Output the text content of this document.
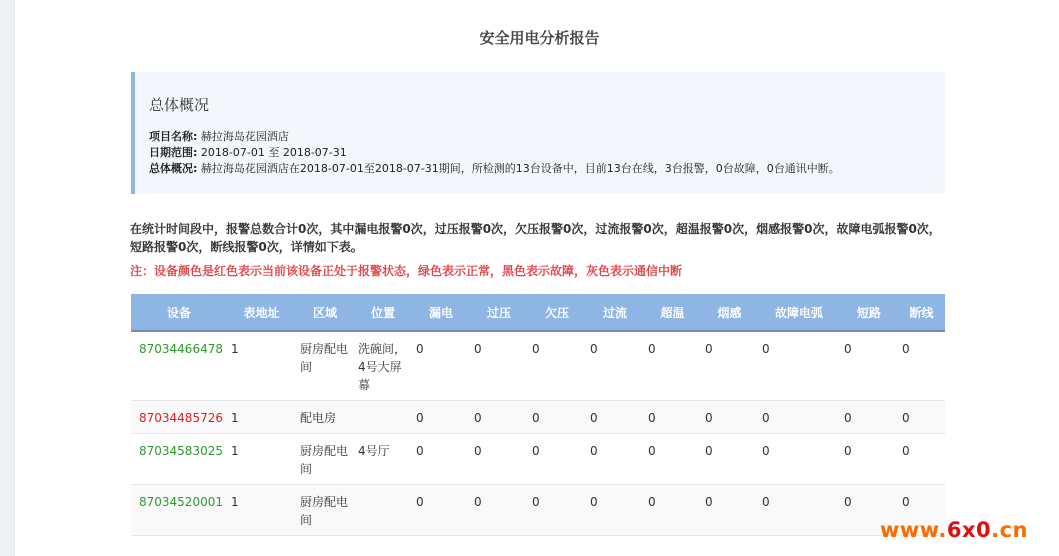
安全用电分析报告
总体概况
项目名称: 赫拉海岛花园酒店
日期范围: 2018-07-01 至 2018-07-31
总体概况: 赫拉海岛花园酒店在2018-07-01至2018-07-31期间，所检测的13台设备中，目前13台在线，3台报警，0台故障，0台通讯中断。
在统计时间段中，报警总数合计0次，其中漏电报警0次，过压报警0次，欠压报警0次，过流报警0次，超温报警0次，烟感报警0次，故障电弧报警0次，短路报警0次，断线报警0次，详情如下表。
注：设备颜色是红色表示当前该设备正处于报警状态，绿色表示正常，黑色表示故障，灰色表示通信中断
设备	表地址	区域	位置	漏电	过压	欠压	过流	超温	烟感	故障电弧	短路	断线
87034466478	1	厨房配电间	洗碗间，4号大屏幕	0	0	0	0	0	0	0	0	0
87034485726	1	配电房		0	0	0	0	0	0	0	0	0
87034583025	1	厨房配电间	4号厅	0	0	0	0	0	0	0	0	0
87034520001	1	厨房配电间		0	0	0	0	0	0	0	0	0
www.6x0.cn
